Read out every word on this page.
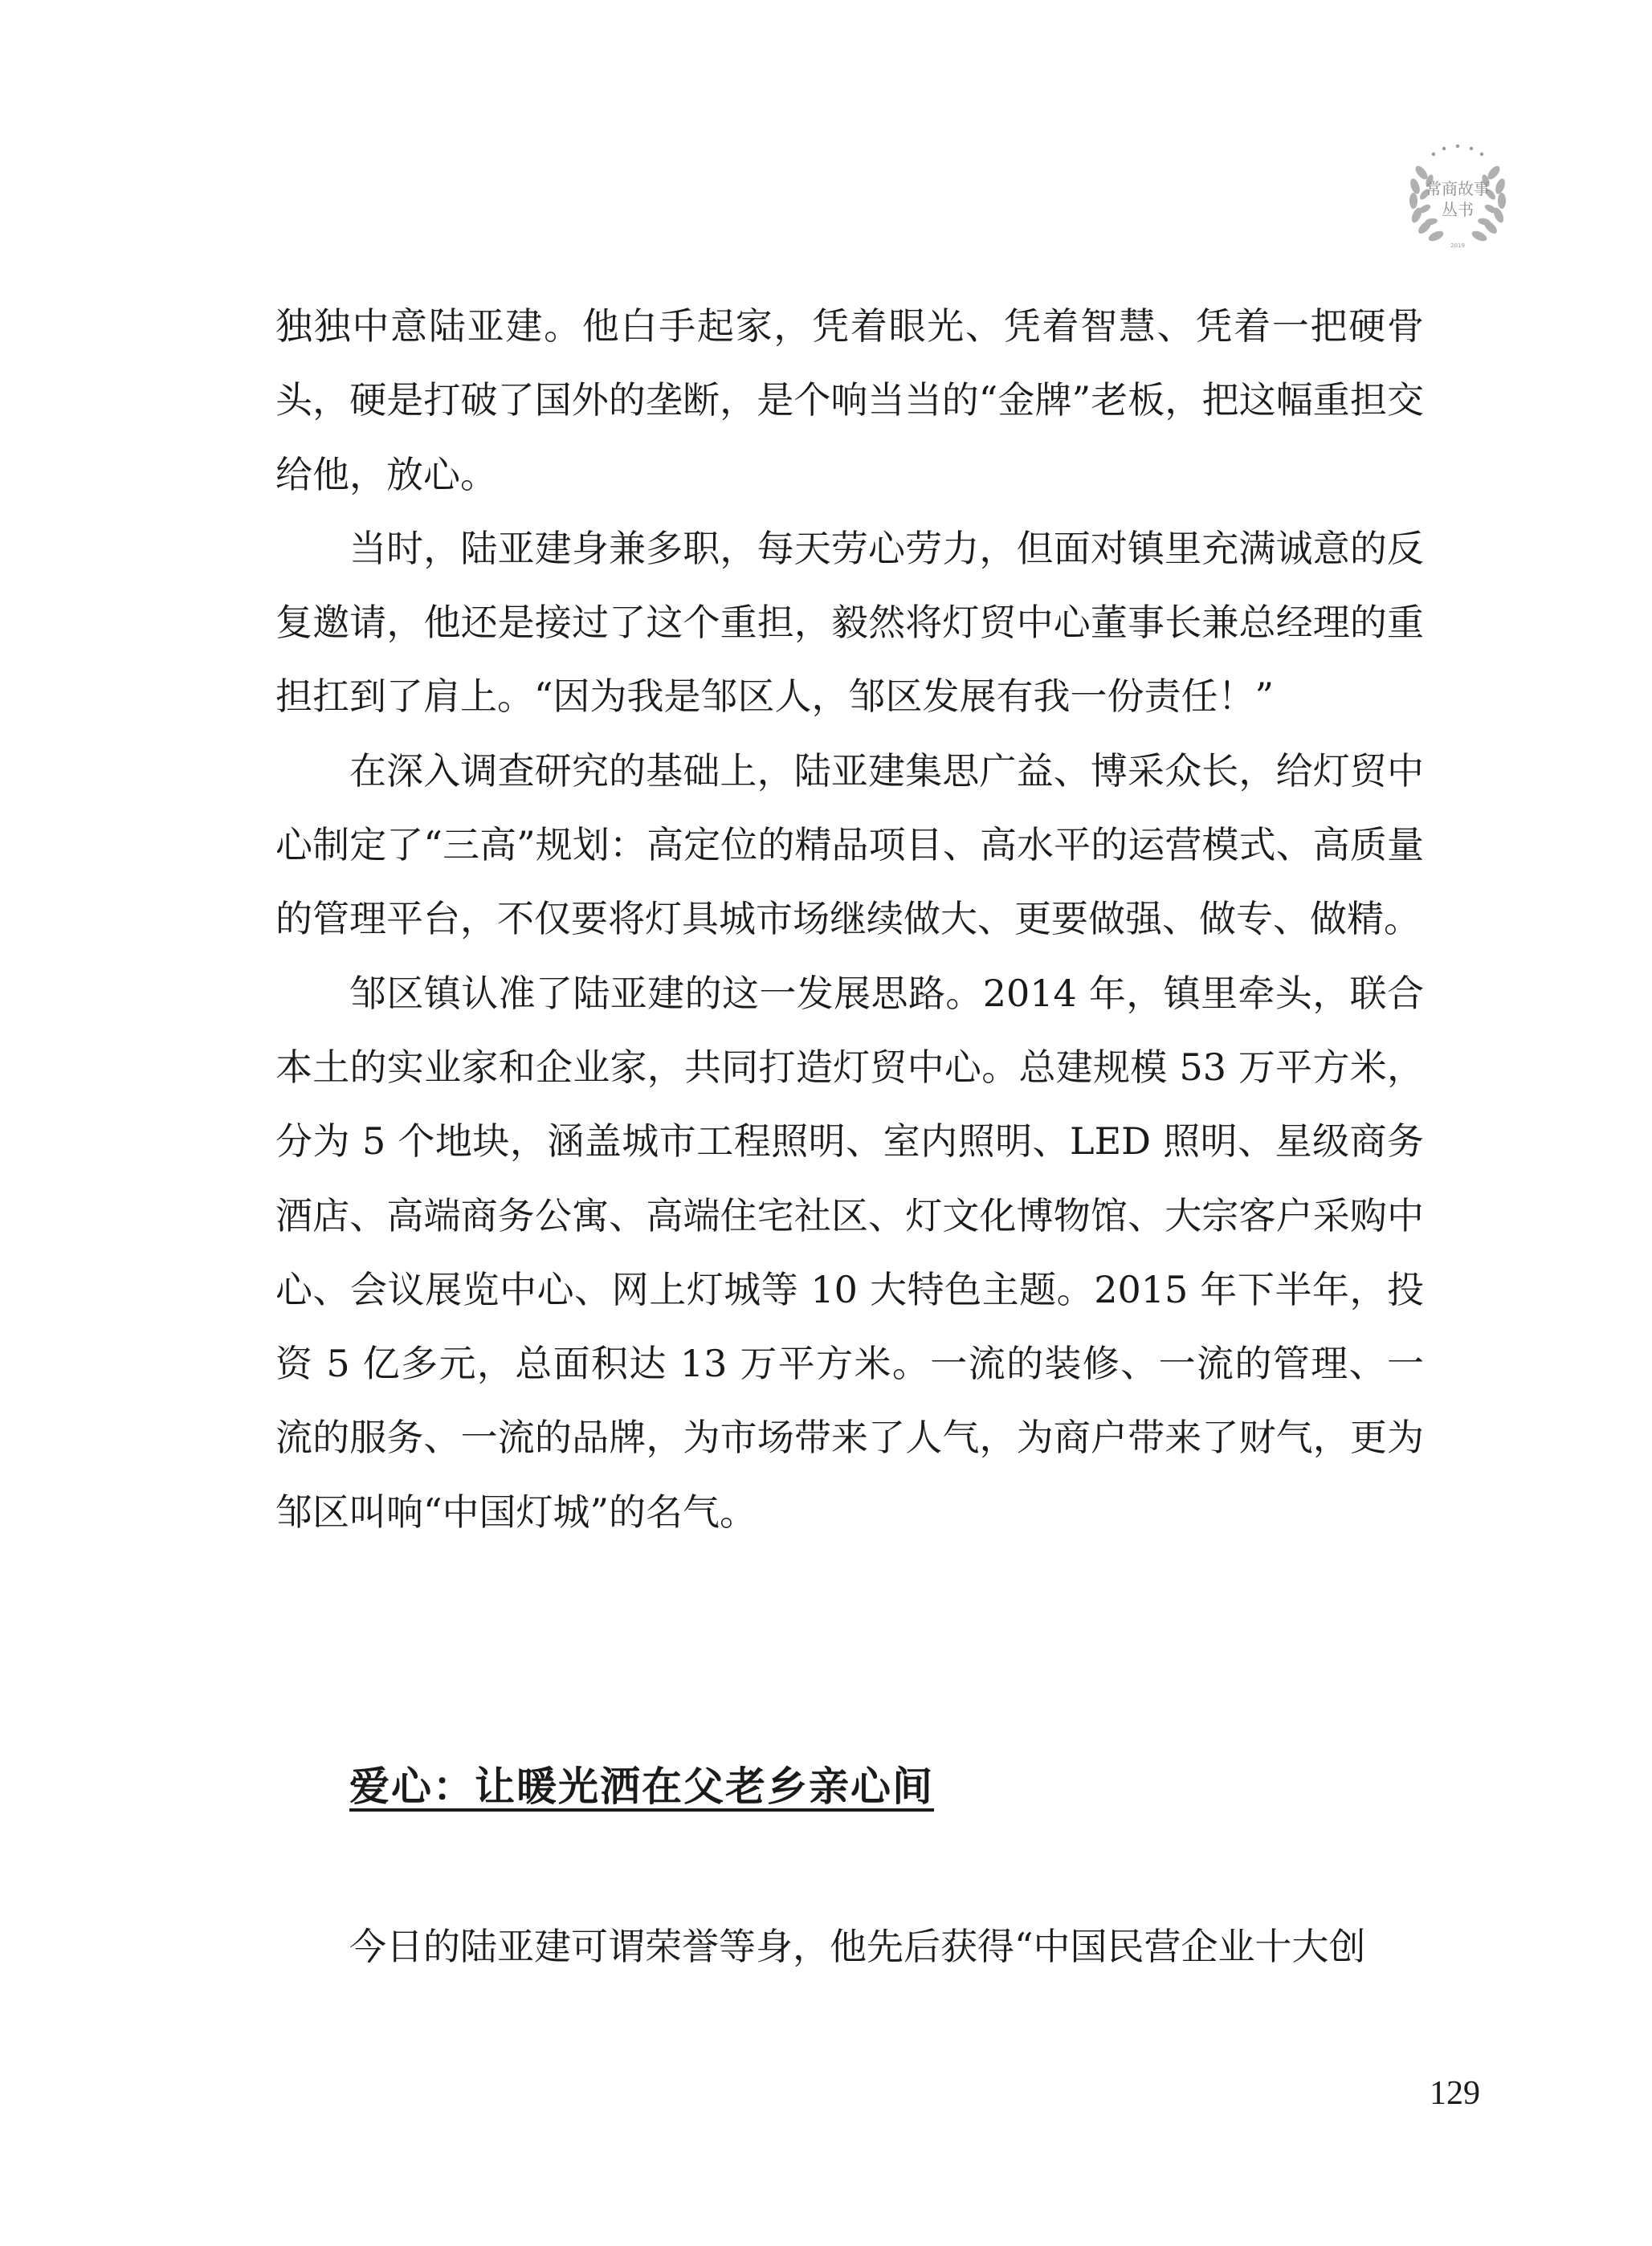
常商故事
丛书
2019

独独中意陆亚建。他白手起家，凭着眼光、凭着智慧、凭着一把硬骨头，硬是打破了国外的垄断，是个响当当的“金牌”老板，把这幅重担交给他，放心。

当时，陆亚建身兼多职，每天劳心劳力，但面对镇里充满诚意的反复邀请，他还是接过了这个重担，毅然将灯贸中心董事长兼总经理的重担扛到了肩上。“因为我是邹区人，邹区发展有我一份责任！”

在深入调查研究的基础上，陆亚建集思广益、博采众长，给灯贸中心制定了“三高”规划：高定位的精品项目、高水平的运营模式、高质量的管理平台，不仅要将灯具城市场继续做大、更要做强、做专、做精。

邹区镇认准了陆亚建的这一发展思路。2014 年，镇里牵头，联合本土的实业家和企业家，共同打造灯贸中心。总建规模 53 万平方米，分为 5 个地块，涵盖城市工程照明、室内照明、LED 照明、星级商务酒店、高端商务公寓、高端住宅社区、灯文化博物馆、大宗客户采购中心、会议展览中心、网上灯城等 10 大特色主题。2015 年下半年，投资 5 亿多元，总面积达 13 万平方米。一流的装修、一流的管理、一流的服务、一流的品牌，为市场带来了人气，为商户带来了财气，更为邹区叫响“中国灯城”的名气。

爱心：让暖光洒在父老乡亲心间

今日的陆亚建可谓荣誉等身，他先后获得“中国民营企业十大创

129
